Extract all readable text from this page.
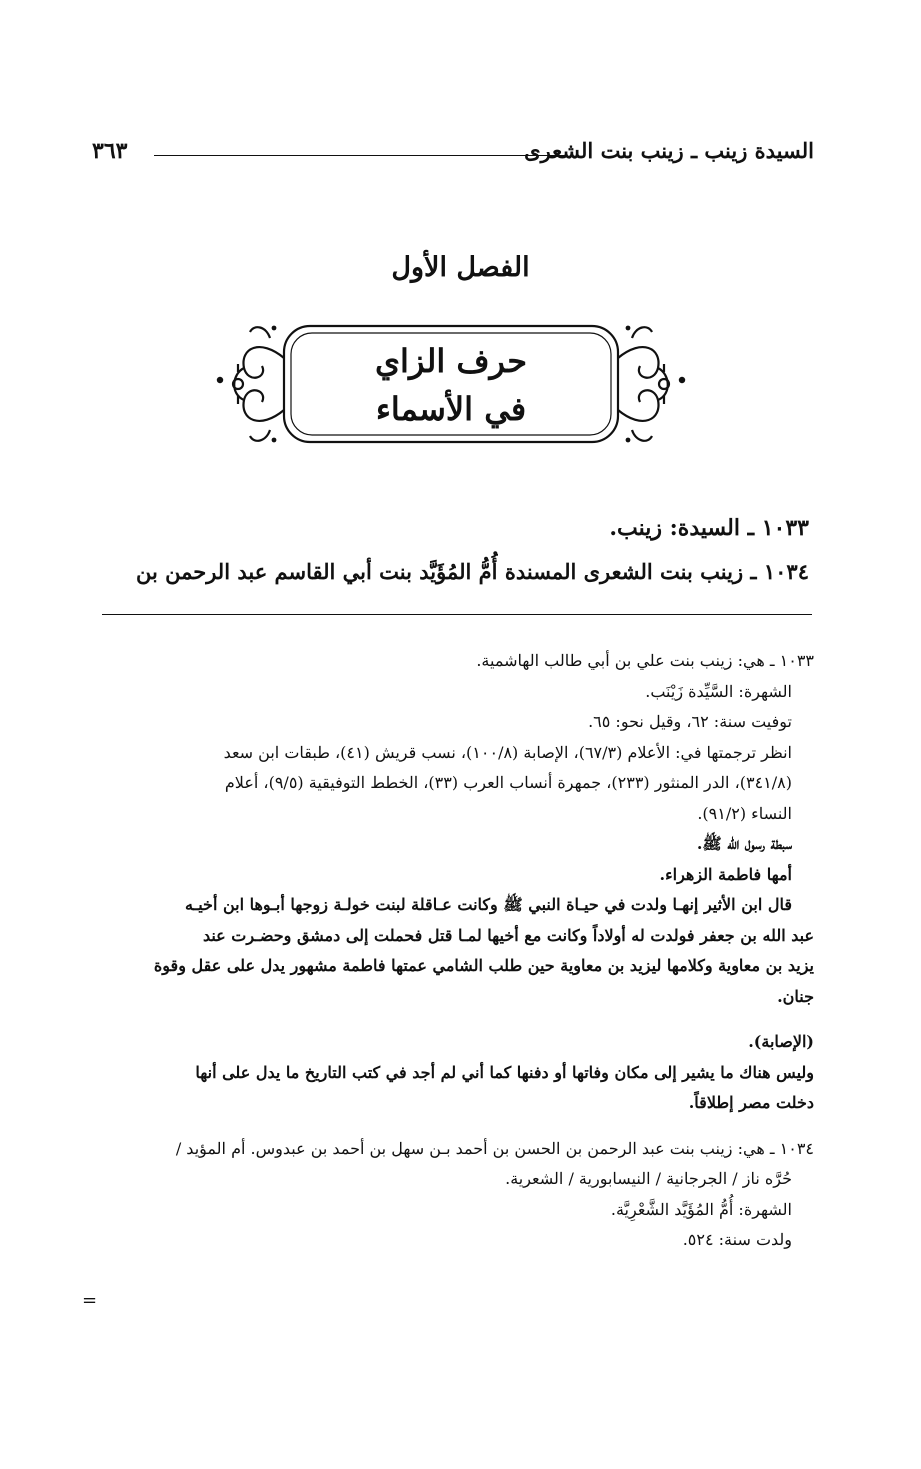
السيدة زينب ـ زينب بنت الشعرى
٣٦٣
الفصل الأول
حرف الزاي
في الأسماء
١٠٣٣ ـ السيدة: زينب.
١٠٣٤ ـ زينب بنت الشعرى المسندة أُمُّ المُؤَيَّد بنت أبي القاسم عبد الرحمن بن

١٠٣٣ ـ هي: زينب بنت علي بن أبي طالب الهاشمية.

الشهرة: السَّيِّدة زَيْنَب.

توفيت سنة: ٦٢، وقيل نحو: ٦٥.

انظر ترجمتها في: الأعلام (٦٧/٣)، الإصابة (١٠٠/٨)، نسب قريش (٤١)، طبقات ابن سعد

(٣٤١/٨)، الدر المنثور (٢٣٣)، جمهرة أنساب العرب (٣٣)، الخطط التوفيقية (٩/٥)، أعلام

النساء (٩١/٢).

سبطة رسول الله ﷺ.

أمها فاطمة الزهراء.

قال ابن الأثير إنهـا ولدت في حيـاة النبي ﷺ وكانت عـاقلة لبنت خولـة زوجها أبـوها ابن أخيـه

عبد الله بن جعفر فولدت له أولاداً وكانت مع أخيها لمـا قتل فحملت إلى دمشق وحضـرت عند

يزيد بن معاوية وكلامها ليزيد بن معاوية حين طلب الشامي عمتها فاطمة مشهور يدل على عقل وقوة

جنان.

(الإصابة).

وليس هناك ما يشير إلى مكان وفاتها أو دفنها كما أني لم أجد في كتب التاريخ ما يدل على أنها

دخلت مصر إطلاقاً.

١٠٣٤ ـ هي: زينب بنت عبد الرحمن بن الحسن بن أحمد بـن سهل بن أحمد بن عبدوس. أم المؤيد /

حُرَّه ناز / الجرجانية / النيسابورية / الشعرية.

الشهرة: أُمُّ المُؤَيَّد الشَّعْرِيَّة.

ولدت سنة: ٥٢٤.

=
